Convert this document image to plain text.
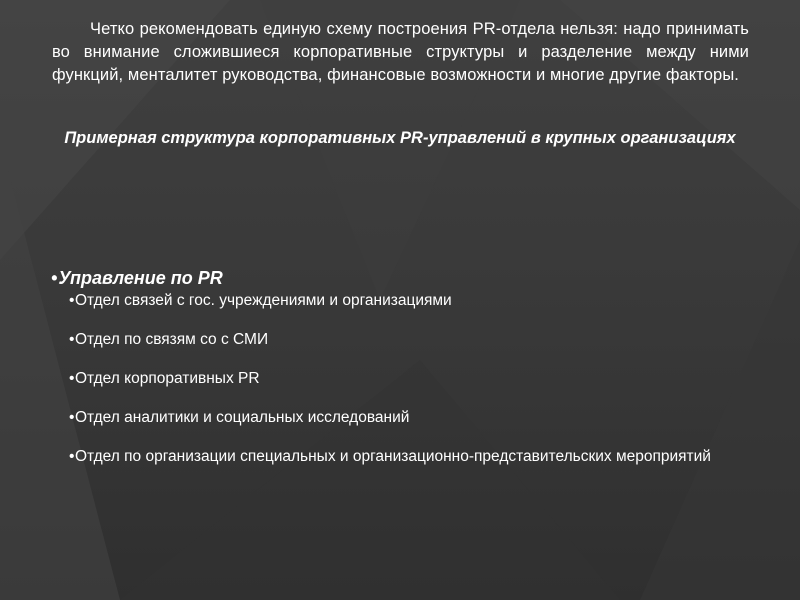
Четко рекомендовать единую схему построения PR-отдела нельзя: надо принимать во внимание сложившиеся корпоративные структуры и разделение между ними функций, менталитет руководства, финансовые возможности и многие другие факторы.

Примерная структура корпоративных PR-управлений в крупных организациях

• Управление по PR
• Отдел связей с гос. учреждениями и организациями
• Отдел по связям со с СМИ
• Отдел корпоративных PR
• Отдел аналитики и социальных исследований
• Отдел по организации специальных и организационно-представительских мероприятий
